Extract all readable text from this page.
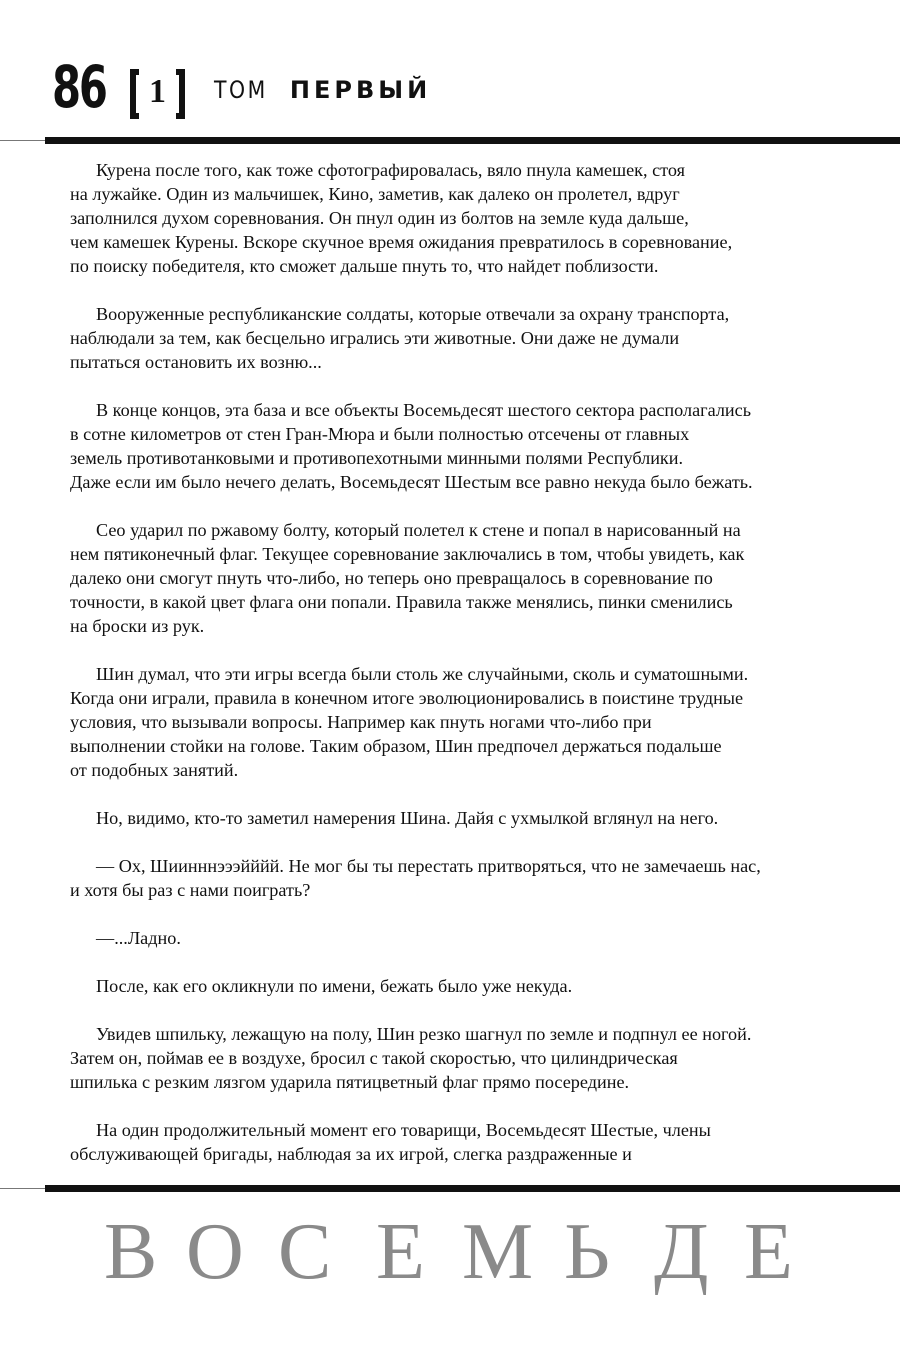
86	1	ТОМ ПЕРВЫЙ

Курена после того, как тоже сфотографировалась, вяло пнула камешек, стоя
на лужайке. Один из мальчишек, Кино, заметив, как далеко он пролетел, вдруг
заполнился духом соревнования. Он пнул один из болтов на земле куда дальше,
чем камешек Курены. Вскоре скучное время ожидания превратилось в соревнование,
по поиску победителя, кто сможет дальше пнуть то, что найдет поблизости.

Вооруженные республиканские солдаты, которые отвечали за охрану транспорта,
наблюдали за тем, как бесцельно игрались эти животные. Они даже не думали
пытаться остановить их возню...

В конце концов, эта база и все объекты Восемьдесят шестого сектора располагались
в сотне километров от стен Гран-Мюра и были полностью отсечены от главных
земель противотанковыми и противопехотными минными полями Республики.
Даже если им было нечего делать, Восемьдесят Шестым все равно некуда было бежать.

Сео ударил по ржавому болту, который полетел к стене и попал в нарисованный на
нем пятиконечный флаг. Текущее соревнование заключались в том, чтобы увидеть, как
далеко они смогут пнуть что-либо, но теперь оно превращалось в соревнование по
точности, в какой цвет флага они попали. Правила также менялись, пинки сменились
на броски из рук.

Шин думал, что эти игры всегда были столь же случайными, сколь и суматошными.
Когда они играли, правила в конечном итоге эволюционировались в поистине трудные
условия, что вызывали вопросы. Например как пнуть ногами что-либо при
выполнении стойки на голове. Таким образом, Шин предпочел держаться подальше
от подобных занятий.

Но, видимо, кто-то заметил намерения Шина. Дайя с ухмылкой вглянул на него.

— Ох, Шиинннэээйййй. Не мог бы ты перестать притворяться, что не замечаешь нас,
и хотя бы раз с нами поиграть?

—...Ладно.

После, как его окликнули по имени, бежать было уже некуда.

Увидев шпильку, лежащую на полу, Шин резко шагнул по земле и подпнул ее ногой.
Затем он, поймав ее в воздухе, бросил с такой скоростью, что цилиндрическая
шпилька с резким лязгом ударила пятицветный флаг прямо посередине.

На один продолжительный момент его товарищи, Восемьдесят Шестые, члены
обслуживающей бригады, наблюдая за их игрой, слегка раздраженные и

В О С Е М Ь Д Е
